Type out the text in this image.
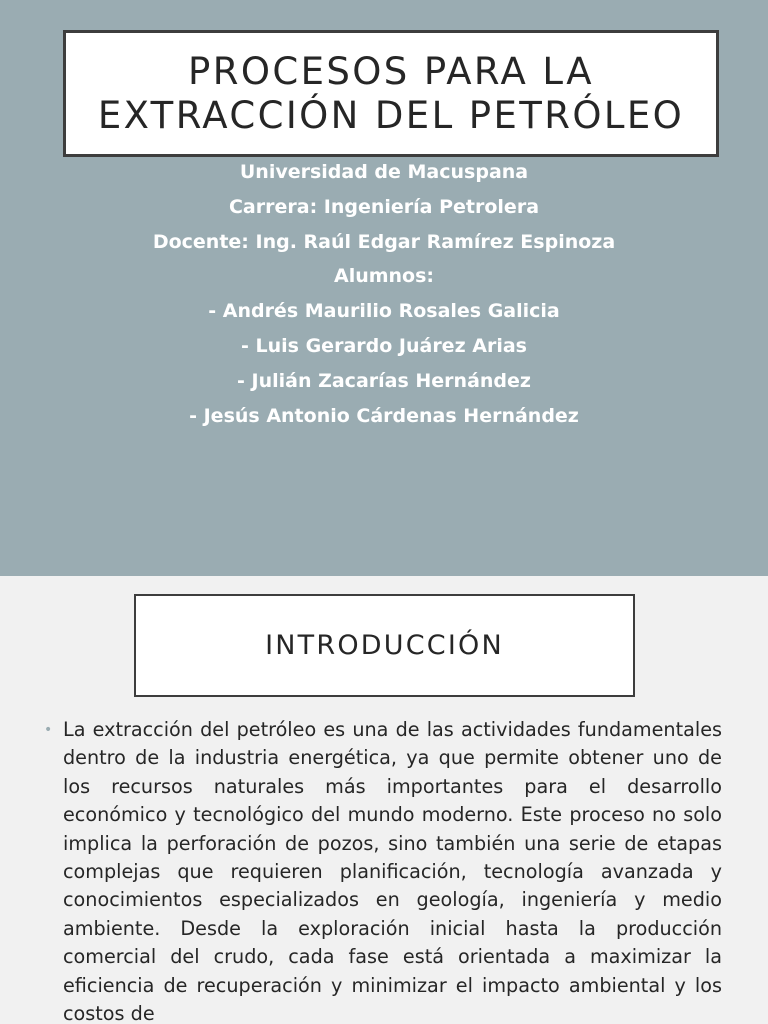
PROCESOS PARA LA
EXTRACCIÓN DEL PETRÓLEO
Universidad de Macuspana
Carrera: Ingeniería Petrolera
Docente: Ing. Raúl Edgar Ramírez Espinoza
Alumnos:
- Andrés Maurilio Rosales Galicia
- Luis Gerardo Juárez Arias
- Julián Zacarías Hernández
- Jesús Antonio Cárdenas Hernández
INTRODUCCIÓN
• La extracción del petróleo es una de las actividades fundamentales dentro de la industria energética, ya que permite obtener uno de los recursos naturales más importantes para el desarrollo económico y tecnológico del mundo moderno. Este proceso no solo implica la perforación de pozos, sino también una serie de etapas complejas que requieren planificación, tecnología avanzada y conocimientos especializados en geología, ingeniería y medio ambiente. Desde la exploración inicial hasta la producción comercial del crudo, cada fase está orientada a maximizar la eficiencia de recuperación y minimizar el impacto ambiental y los costos de
